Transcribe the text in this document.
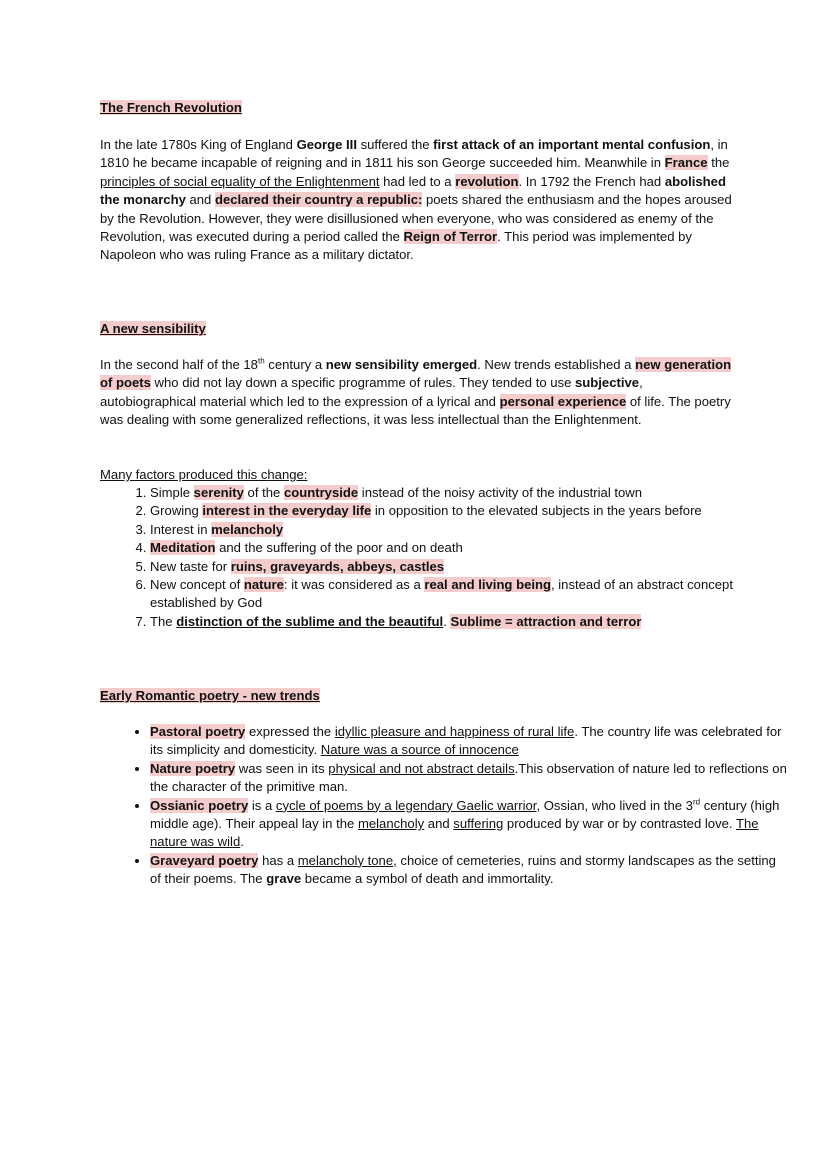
The French Revolution

In the late 1780s King of England George III suffered the first attack of an important mental confusion, in 1810 he became incapable of reigning and in 1811 his son George succeeded him. Meanwhile in France the principles of social equality of the Enlightenment had led to a revolution. In 1792 the French had abolished the monarchy and declared their country a republic: poets shared the enthusiasm and the hopes aroused by the Revolution. However, they were disillusioned when everyone, who was considered as enemy of the Revolution, was executed during a period called the Reign of Terror. This period was implemented by Napoleon who was ruling France as a military dictator.

A new sensibility

In the second half of the 18th century a new sensibility emerged. New trends established a new generation of poets who did not lay down a specific programme of rules. They tended to use subjective, autobiographical material which led to the expression of a lyrical and personal experience of life. The poetry was dealing with some generalized reflections, it was less intellectual than the Enlightenment.

Many factors produced this change:
1. Simple serenity of the countryside instead of the noisy activity of the industrial town
2. Growing interest in the everyday life in opposition to the elevated subjects in the years before
3. Interest in melancholy
4. Meditation and the suffering of the poor and on death
5. New taste for ruins, graveyards, abbeys, castles
6. New concept of nature: it was considered as a real and living being, instead of an abstract concept established by God
7. The distinction of the sublime and the beautiful. Sublime = attraction and terror
Early Romantic poetry - new trends
• Pastoral poetry expressed the idyllic pleasure and happiness of rural life. The country life was celebrated for its simplicity and domesticity. Nature was a source of innocence
• Nature poetry was seen in its physical and not abstract details.This observation of nature led to reflections on the character of the primitive man.
• Ossianic poetry is a cycle of poems by a legendary Gaelic warrior, Ossian, who lived in the 3rd century (high middle age). Their appeal lay in the melancholy and suffering produced by war or by contrasted love. The nature was wild.
• Graveyard poetry has a melancholy tone, choice of cemeteries, ruins and stormy landscapes as the setting of their poems. The grave became a symbol of death and immortality.
